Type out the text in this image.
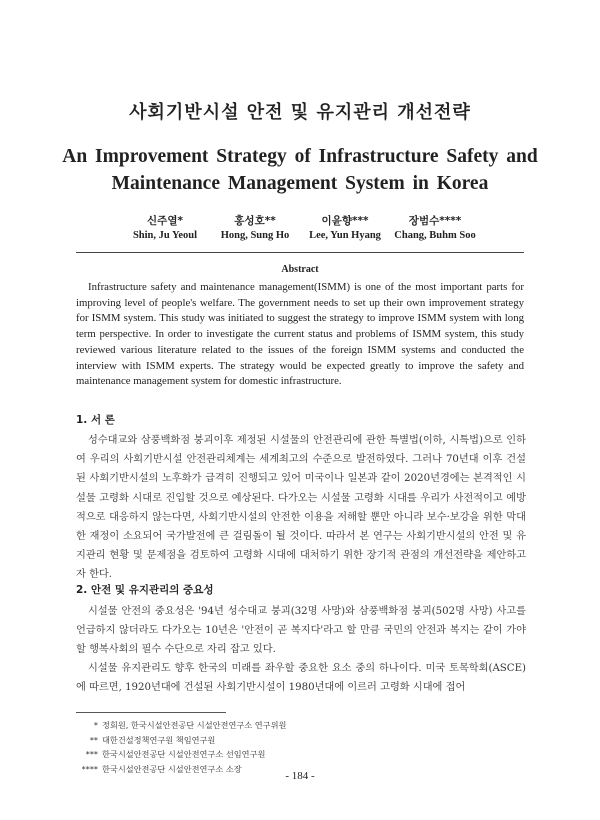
사회기반시설 안전 및 유지관리 개선전략
An Improvement Strategy of Infrastructure Safety and
Maintenance Management System in Korea
신주열*
Shin, Ju Yeoul
홍성호**
Hong, Sung Ho
이윤향***
Lee, Yun Hyang
장범수****
Chang, Buhm Soo
Abstract

Infrastructure safety and maintenance management(ISMM) is one of the most important parts for improving level of people's welfare. The government needs to set up their own improvement strategy for ISMM system. This study was initiated to suggest the strategy to improve ISMM system with long term perspective. In order to investigate the current status and problems of ISMM system, this study reviewed various literature related to the issues of the foreign ISMM systems and conducted the interview with ISMM experts. The strategy would be expected greatly to improve the safety and maintenance management system for domestic infrastructure.

1. 서 론

성수대교와 삼풍백화점 붕괴이후 제정된 시설물의 안전관리에 관한 특별법(이하, 시특법)으로 인하여 우리의 사회기반시설 안전관리체계는 세계최고의 수준으로 발전하였다. 그러나 70년대 이후 건설된 사회기반시설의 노후화가 급격히 진행되고 있어 미국이나 일본과 같이 2020년경에는 본격적인 시설물 고령화 시대로 진입할 것으로 예상된다. 다가오는 시설물 고령화 시대를 우리가 사전적이고 예방적으로 대응하지 않는다면, 사회기반시설의 안전한 이용을 저해할 뿐만 아니라 보수·보강을 위한 막대한 재정이 소요되어 국가발전에 큰 걸림돌이 될 것이다. 따라서 본 연구는 사회기반시설의 안전 및 유지관리 현황 및 문제점을 검토하여 고령화 시대에 대처하기 위한 장기적 관점의 개선전략을 제안하고자 한다.

2. 안전 및 유지관리의 중요성

시설물 안전의 중요성은 '94년 성수대교 붕괴(32명 사망)와 삼풍백화점 붕괴(502명 사망) 사고를 언급하지 않더라도 다가오는 10년은 '안전이 곧 복지다'라고 할 만큼 국민의 안전과 복지는 같이 가야 할 행복사회의 필수 수단으로 자리 잡고 있다.

시설물 유지관리도 향후 한국의 미래를 좌우할 중요한 요소 중의 하나이다. 미국 토목학회(ASCE)에 따르면, 1920년대에 건설된 사회기반시설이 1980년대에 이르러 고령화 시대에 접어

* 정회원, 한국시설안전공단 시설안전연구소 연구위원
** 대한건설정책연구원 책임연구원
*** 한국시설안전공단 시설안전연구소 선임연구원
**** 한국시설안전공단 시설안전연구소 소장
- 184 -
